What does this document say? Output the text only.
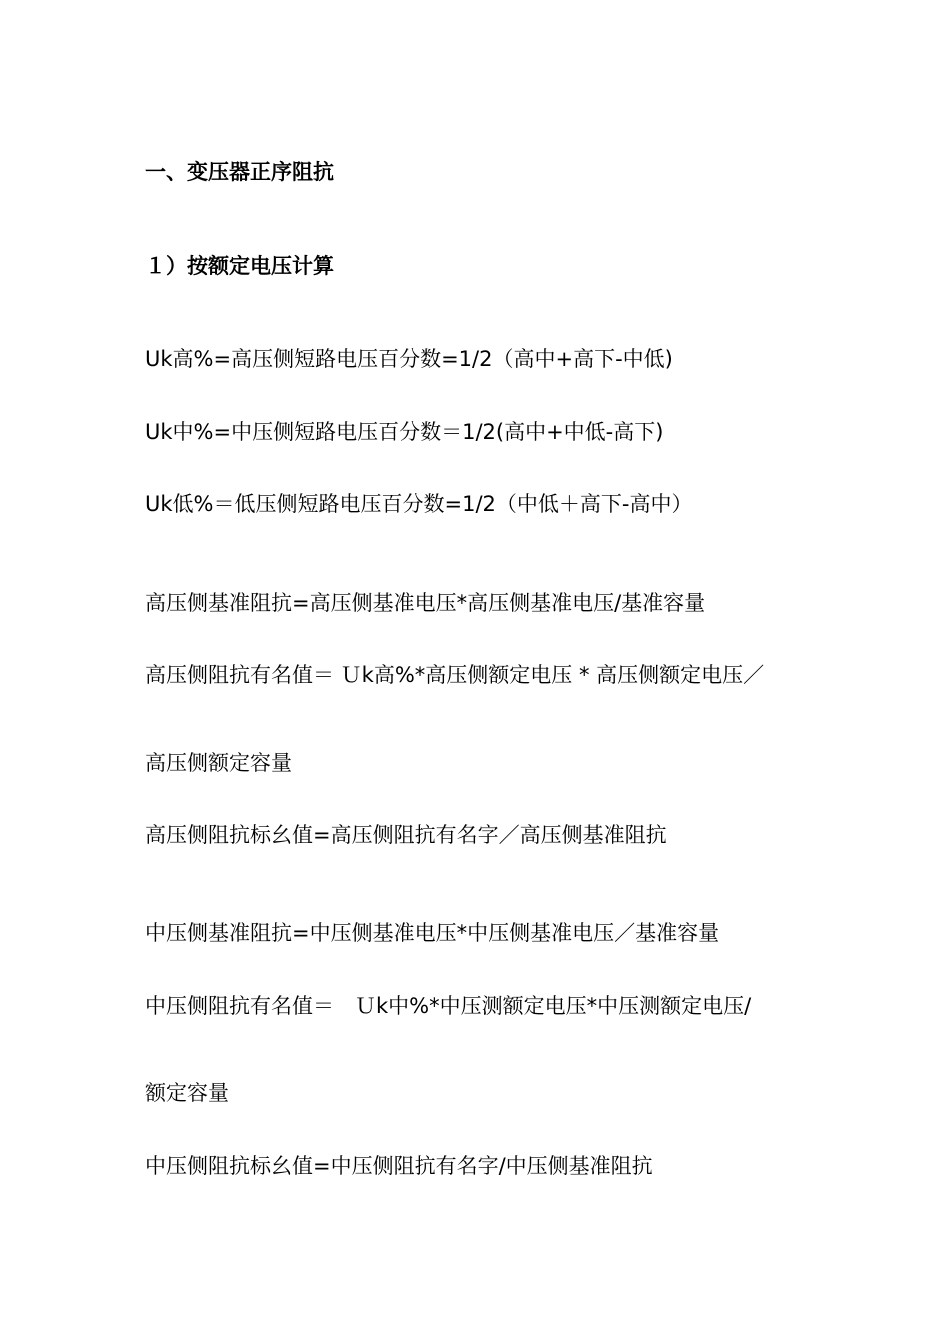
一、变压器正序阻抗
１）按额定电压计算
Uk高%=高压侧短路电压百分数=1/2（高中+高下-中低)
Uk中%=中压侧短路电压百分数＝1/2(高中+中低-高下)
Uk低%＝低压侧短路电压百分数=1/2（中低＋高下-高中）
高压侧基准阻抗=高压侧基准电压*高压侧基准电压/基准容量
高压侧阻抗有名值＝ Ｕk高%*高压侧额定电压 * 高压侧额定电压／
高压侧额定容量
高压侧阻抗标幺值=高压侧阻抗有名字／高压侧基准阻抗
中压侧基准阻抗=中压侧基准电压*中压侧基准电压／基准容量
中压侧阻抗有名值＝　Ｕk中%*中压测额定电压*中压测额定电压/
额定容量
中压侧阻抗标幺值=中压侧阻抗有名字/中压侧基准阻抗
